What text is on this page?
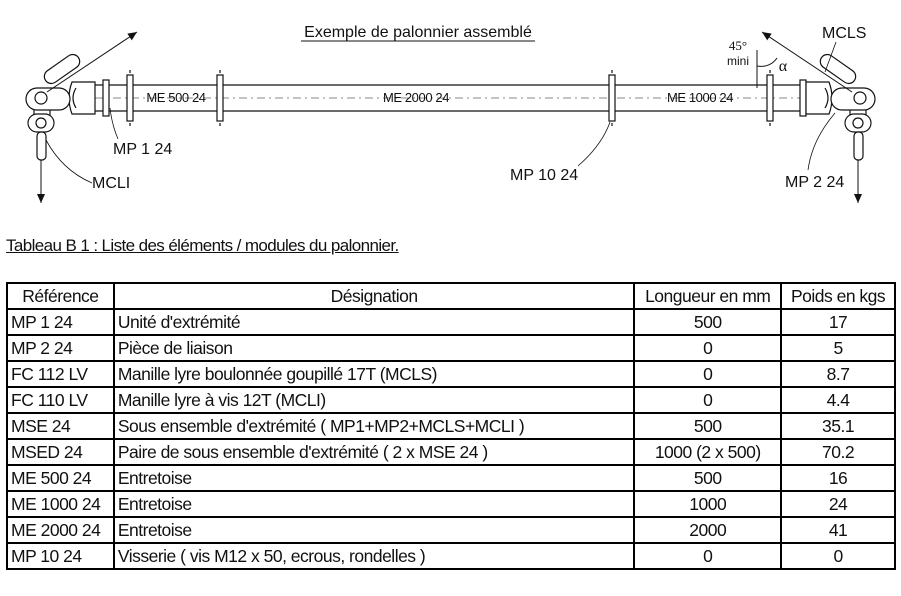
Exemple de palonnier assemblé
45°
mini α
ME 500 24	ME 2000 24	ME 1000 24
MCLS
MCLI
MP 1 24
MP 10 24	MP 2 24
Tableau B 1 : Liste des éléments / modules du palonnier.
Référence	Désignation	Longueur en mm	Poids en kgs
MP 1 24	Unité d'extrémité	500	17
MP 2 24	Pièce de liaison	0	5
FC 112 LV	Manille lyre boulonnée goupillé 17T (MCLS)	0	8.7
FC 110 LV	Manille lyre à vis 12T (MCLI)	0	4.4
MSE 24	Sous ensemble d'extrémité ( MP1+MP2+MCLS+MCLI )	500	35.1
MSED 24	Paire de sous ensemble d'extrémité ( 2 x MSE 24 )	1000 (2 x 500)	70.2
ME 500 24	Entretoise	500	16
ME 1000 24	Entretoise	1000	24
ME 2000 24	Entretoise	2000	41
MP 10 24	Visserie ( vis M12 x 50, ecrous, rondelles )	0	0
